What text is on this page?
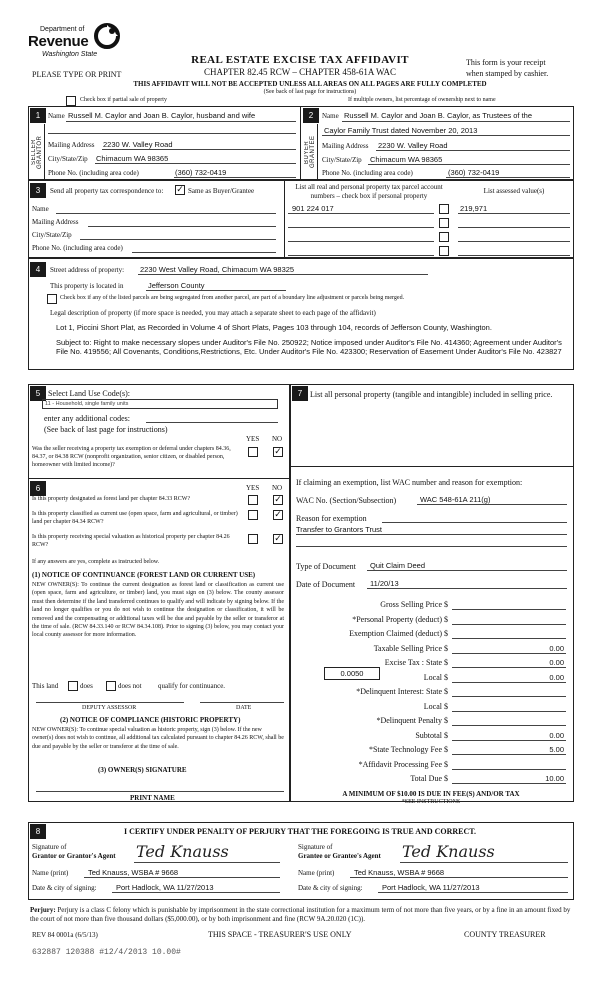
Department of
Revenue
Washington State	REAL ESTATE EXCISE TAX AFFIDAVIT
CHAPTER 82.45 RCW – CHAPTER 458-61A WAC
PLEASE TYPE OR PRINT
This form is your receipt
when stamped by cashier.
THIS AFFIDAVIT WILL NOT BE ACCEPTED UNLESS ALL AREAS ON ALL PAGES ARE FULLY COMPLETED
(See back of last page for instructions)
Check box if partial sale of property	If multiple owners, list percentage of ownership next to name
1
SELLER GRANTOR
Name Russell M. Caylor and Joan B. Caylor, husband and wife
Mailing Address 2230 W. Valley Road
City/State/Zip Chimacum WA 98365
Phone No. (including area code)	(360) 732-0419
2
BUYER GRANTEE
Name Russell M. Caylor and Joan B. Caylor, as Trustees of the
Caylor Family Trust dated November 20, 2013
Mailing Address 2230 W. Valley Road
City/State/Zip Chimacum WA 98365
Phone No. (including area code)	(360) 732-0419
3	Send all property tax correspondence to: ✓ Same as Buyer/Grantee
Name
Mailing Address
City/State/Zip
Phone No. (including area code)
List all real and personal property tax parcel account numbers – check box if personal property
List assessed value(s)
901 224 017	219,971
4	Street address of property: 2230 West Valley Road, Chimacum WA 98325
This property is located in	Jefferson County
Check box if any of the listed parcels are being segregated from another parcel, are part of a boundary line adjustment or parcels being merged.
Legal description of property (if more space is needed, you may attach a separate sheet to each page of the affidavit)
Lot 1, Piccini Short Plat, as Recorded in Volume 4 of Short Plats, Pages 103 through 104, records of Jefferson County, Washington.
Subject to: Right to make necessary slopes under Auditor's File No. 250922; Notice imposed under Auditor's File No. 414360; Agreement under Auditor's File No. 419556; All Covenants, Conditions,Restrictions, Etc. Under Auditor's File No. 423300; Reservation of Easement Under Auditor's File No. 423827
5 Select Land Use Code(s):
11 - Household, single family units
enter any additional codes:
(See back of last page for instructions)
YES NO
Was the seller receiving a property tax exemption or deferral under chapters 84.36, 84.37, or 84.38 RCW (nonprofit organization, senior citizen, or disabled person, homeowner with limited income)?
✓
6	YES NO
Is this property designated as forest land per chapter 84.33 RCW?	✓
Is this property classified as current use (open space, farm and agricultural, or timber) land per chapter 84.34 RCW?
✓
Is this property receiving special valuation as historical property per chapter 84.26 RCW?
✓
If any answers are yes, complete as instructed below.
(1) NOTICE OF CONTINUANCE (FOREST LAND OR CURRENT USE)
NEW OWNER(S): To continue the current designation as forest land or classification as current use (open space, farm and agriculture, or timber) land, you must sign on (3) below. The county assessor must then determine if the land transferred continues to qualify and will indicate by signing below. If the land no longer qualifies or you do not wish to continue the designation or classification, it will be removed and the compensating or additional taxes will be due and payable by the seller or transferor at the time of sale. (RCW 84.33.140 or RCW 84.34.108). Prior to signing (3) below, you may contact your local county assessor for more information.
This land	does	does not qualify for continuance.
DEPUTY ASSESSOR	DATE
(2) NOTICE OF COMPLIANCE (HISTORIC PROPERTY)
NEW OWNER(S): To continue special valuation as historic property, sign (3) below. If the new owner(s) does not wish to continue, all additional tax calculated pursuant to chapter 84.26 RCW, shall be due and payable by the seller or transferor at the time of sale.
(3) OWNER(S) SIGNATURE
PRINT NAME
7 List all personal property (tangible and intangible) included in selling price.
If claiming an exemption, list WAC number and reason for exemption:
WAC No. (Section/Subsection)	WAC 548-61A 211(g)
Reason for exemption
Transfer to Grantors Trust
Type of Document Quit Claim Deed
Date of Document 11/20/13
Gross Selling Price $
*Personal Property (deduct) $
Exemption Claimed (deduct) $
Taxable Selling Price $	0.00
Excise Tax : State $	0.00
Local $	0.00
*Delinquent Interest: State $
Local $
*Delinquent Penalty $
Subtotal $	0.00
*State Technology Fee $	5.00
*Affidavit Processing Fee $
Total Due $	10.00
0.0050
A MINIMUM OF $10.00 IS DUE IN FEE(S) AND/OR TAX
*SEE INSTRUCTIONS
8	I CERTIFY UNDER PENALTY OF PERJURY THAT THE FOREGOING IS TRUE AND CORRECT.
Signature of
Grantor or Grantor's Agent Ted Knauss
Name (print)	Ted Knauss, WSBA # 9668
Date & city of signing:	Port Hadlock, WA 11/27/2013
Signature of
Grantee or Grantee's Agent Ted Knauss
Name (print)	Ted Knauss, WSBA # 9668
Date & city of signing:	Port Hadlock, WA 11/27/2013
Perjury: Perjury is a class C felony which is punishable by imprisonment in the state correctional institution for a maximum term of not more than five years, or by a fine in an amount fixed by the court of not more than five thousand dollars ($5,000.00), or by both imprisonment and fine (RCW 9A.20.020 (1C)).
REV 84 0001a (6/5/13)	THIS SPACE - TREASURER'S USE ONLY	COUNTY TREASURER
632887 120388 #12/4/2013 10.00#
